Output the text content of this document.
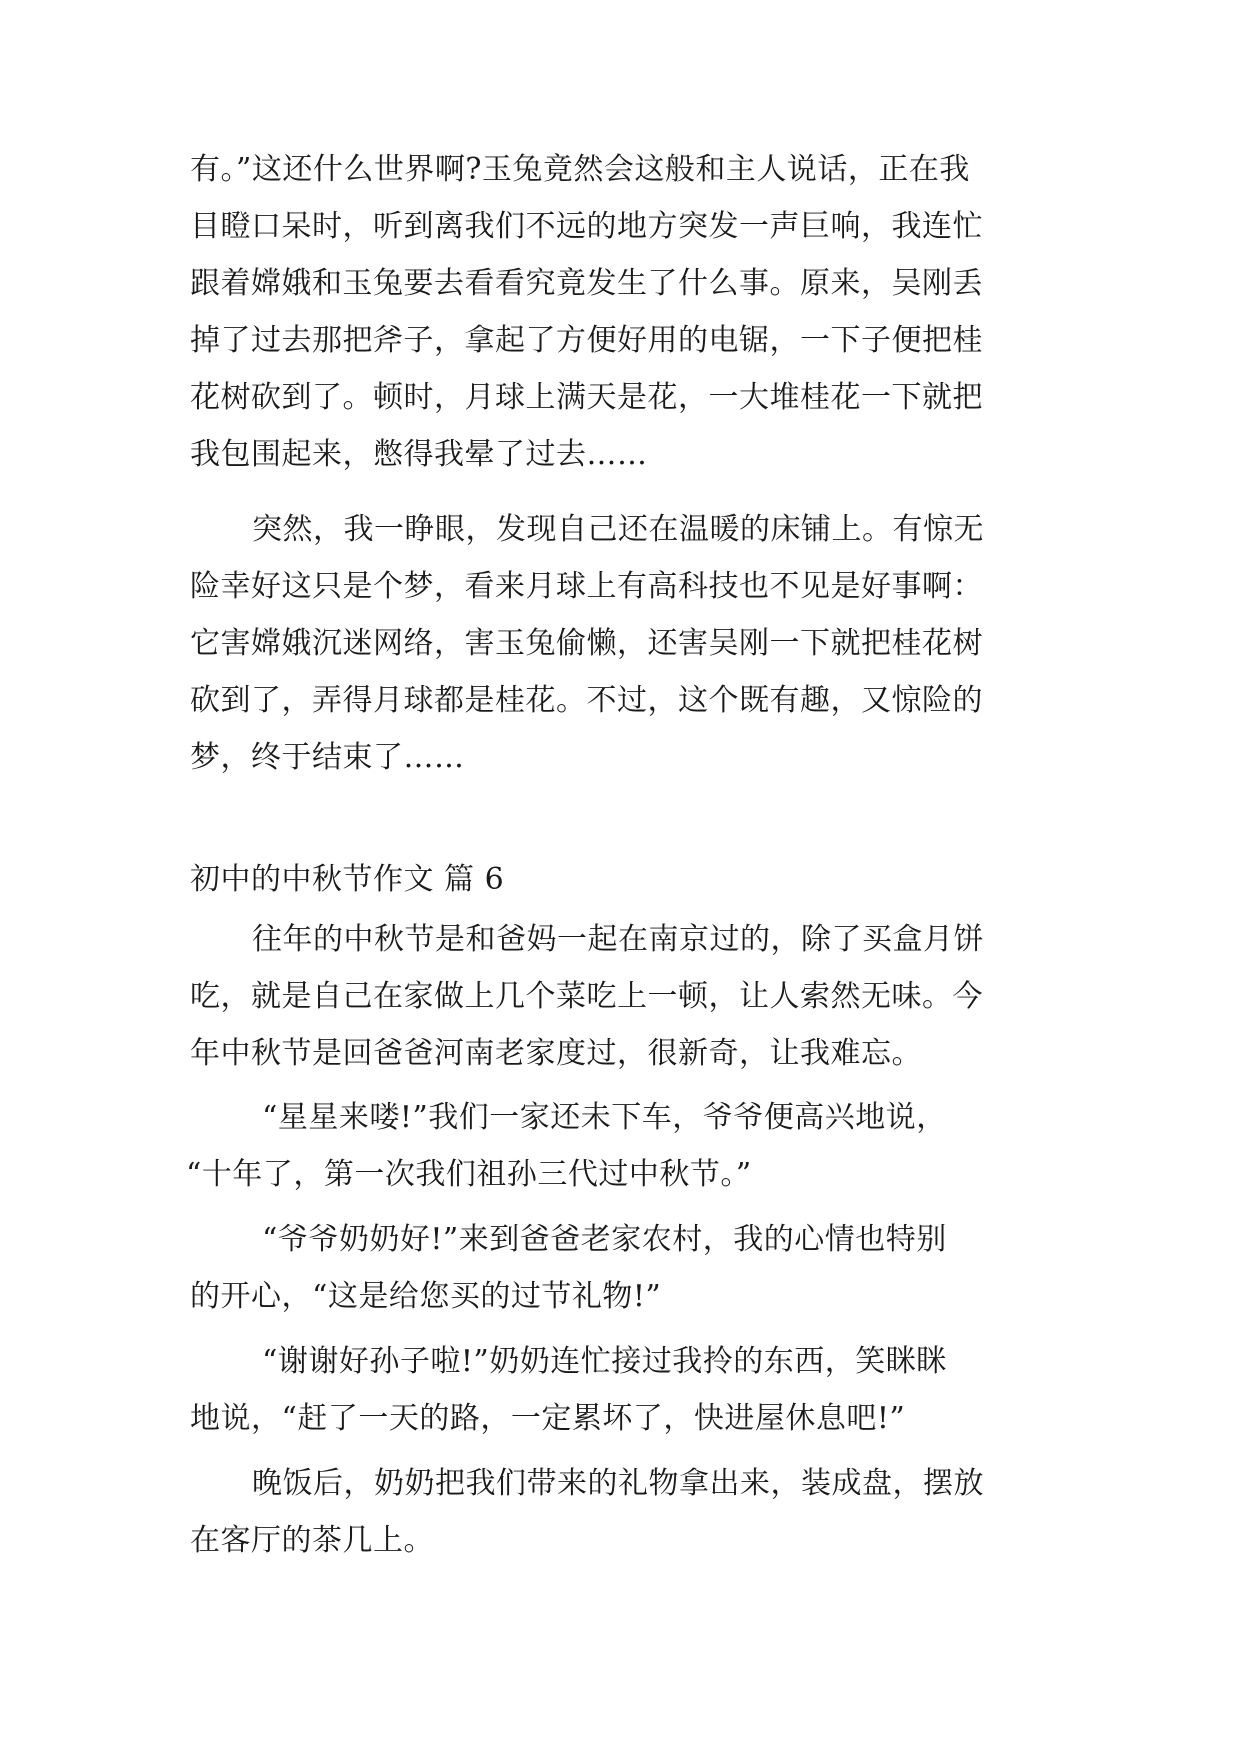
有。”这还什么世界啊?玉兔竟然会这般和主人说话，正在我
目瞪口呆时，听到离我们不远的地方突发一声巨响，我连忙
跟着嫦娥和玉兔要去看看究竟发生了什么事。原来，吴刚丢
掉了过去那把斧子，拿起了方便好用的电锯，一下子便把桂
花树砍到了。顿时，月球上满天是花，一大堆桂花一下就把
我包围起来，憋得我晕了过去……
突然，我一睁眼，发现自己还在温暖的床铺上。有惊无
险幸好这只是个梦，看来月球上有高科技也不见是好事啊：
它害嫦娥沉迷网络，害玉兔偷懒，还害吴刚一下就把桂花树
砍到了，弄得月球都是桂花。不过，这个既有趣，又惊险的
梦，终于结束了……
初中的中秋节作文 篇 6
往年的中秋节是和爸妈一起在南京过的，除了买盒月饼
吃，就是自己在家做上几个菜吃上一顿，让人索然无味。今
年中秋节是回爸爸河南老家度过，很新奇，让我难忘。
“星星来喽!”我们一家还未下车，爷爷便高兴地说，
“十年了，第一次我们祖孙三代过中秋节。”
“爷爷奶奶好!”来到爸爸老家农村，我的心情也特别
的开心，“这是给您买的过节礼物!”
“谢谢好孙子啦!”奶奶连忙接过我拎的东西，笑眯眯
地说，“赶了一天的路，一定累坏了，快进屋休息吧!”
晚饭后，奶奶把我们带来的礼物拿出来，装成盘，摆放
在客厅的茶几上。
